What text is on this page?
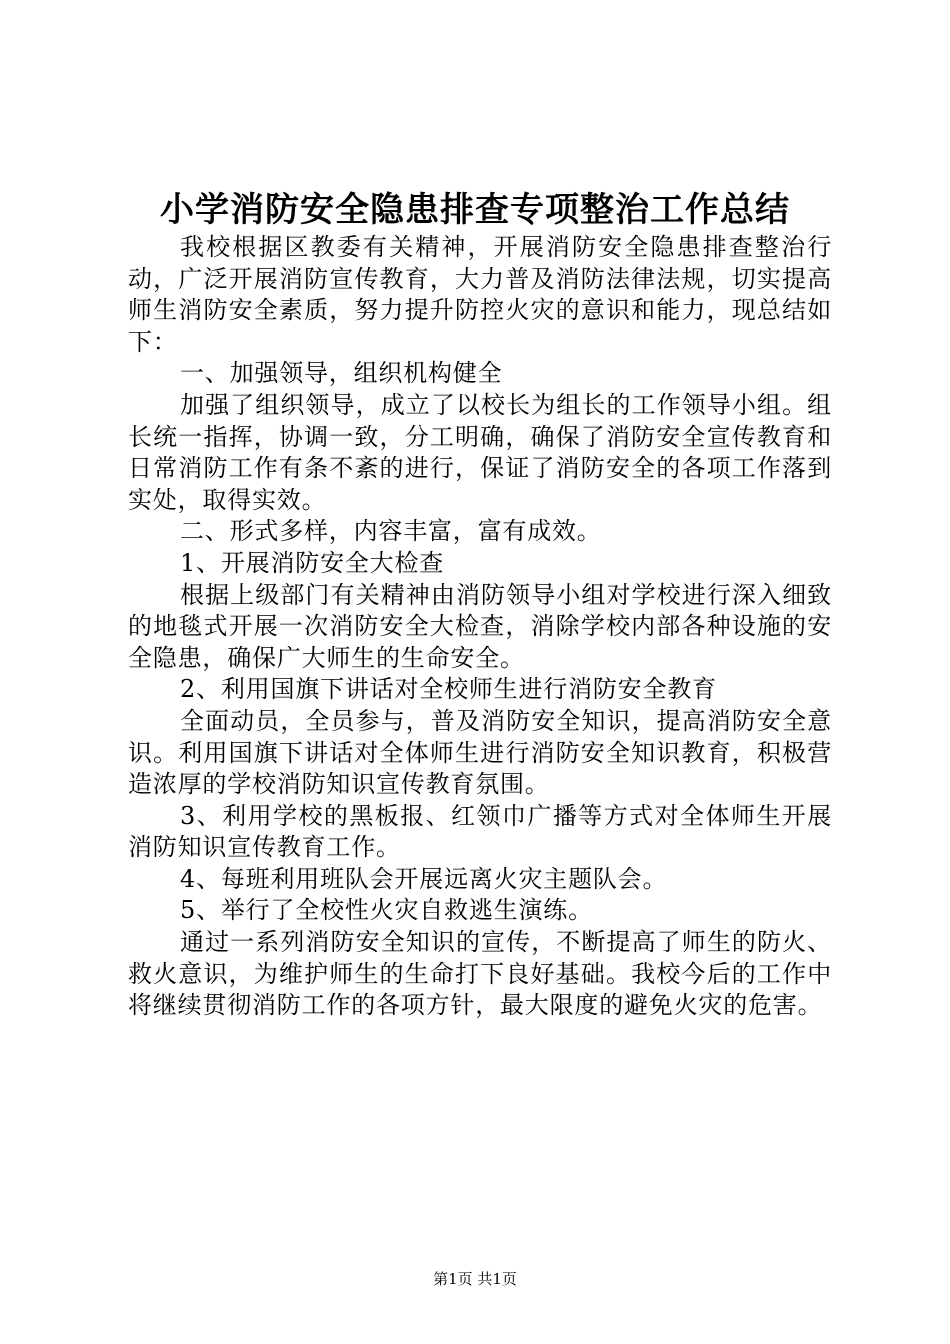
小学消防安全隐患排查专项整治工作总结

我校根据区教委有关精神，开展消防安全隐患排查整治行动，广泛开展消防宣传教育，大力普及消防法律法规，切实提高师生消防安全素质，努力提升防控火灾的意识和能力，现总结如下：

一、加强领导，组织机构健全

加强了组织领导，成立了以校长为组长的工作领导小组。组长统一指挥，协调一致，分工明确，确保了消防安全宣传教育和日常消防工作有条不紊的进行，保证了消防安全的各项工作落到实处，取得实效。

二、形式多样，内容丰富，富有成效。

1、开展消防安全大检查

根据上级部门有关精神由消防领导小组对学校进行深入细致的地毯式开展一次消防安全大检查，消除学校内部各种设施的安全隐患，确保广大师生的生命安全。

2、利用国旗下讲话对全校师生进行消防安全教育

全面动员，全员参与，普及消防安全知识，提高消防安全意识。利用国旗下讲话对全体师生进行消防安全知识教育，积极营造浓厚的学校消防知识宣传教育氛围。

3、利用学校的黑板报、红领巾广播等方式对全体师生开展消防知识宣传教育工作。

4、每班利用班队会开展远离火灾主题队会。

5、举行了全校性火灾自救逃生演练。

通过一系列消防安全知识的宣传，不断提高了师生的防火、救火意识，为维护师生的生命打下良好基础。我校今后的工作中将继续贯彻消防工作的各项方针，最大限度的避免火灾的危害。

第1页 共1页
